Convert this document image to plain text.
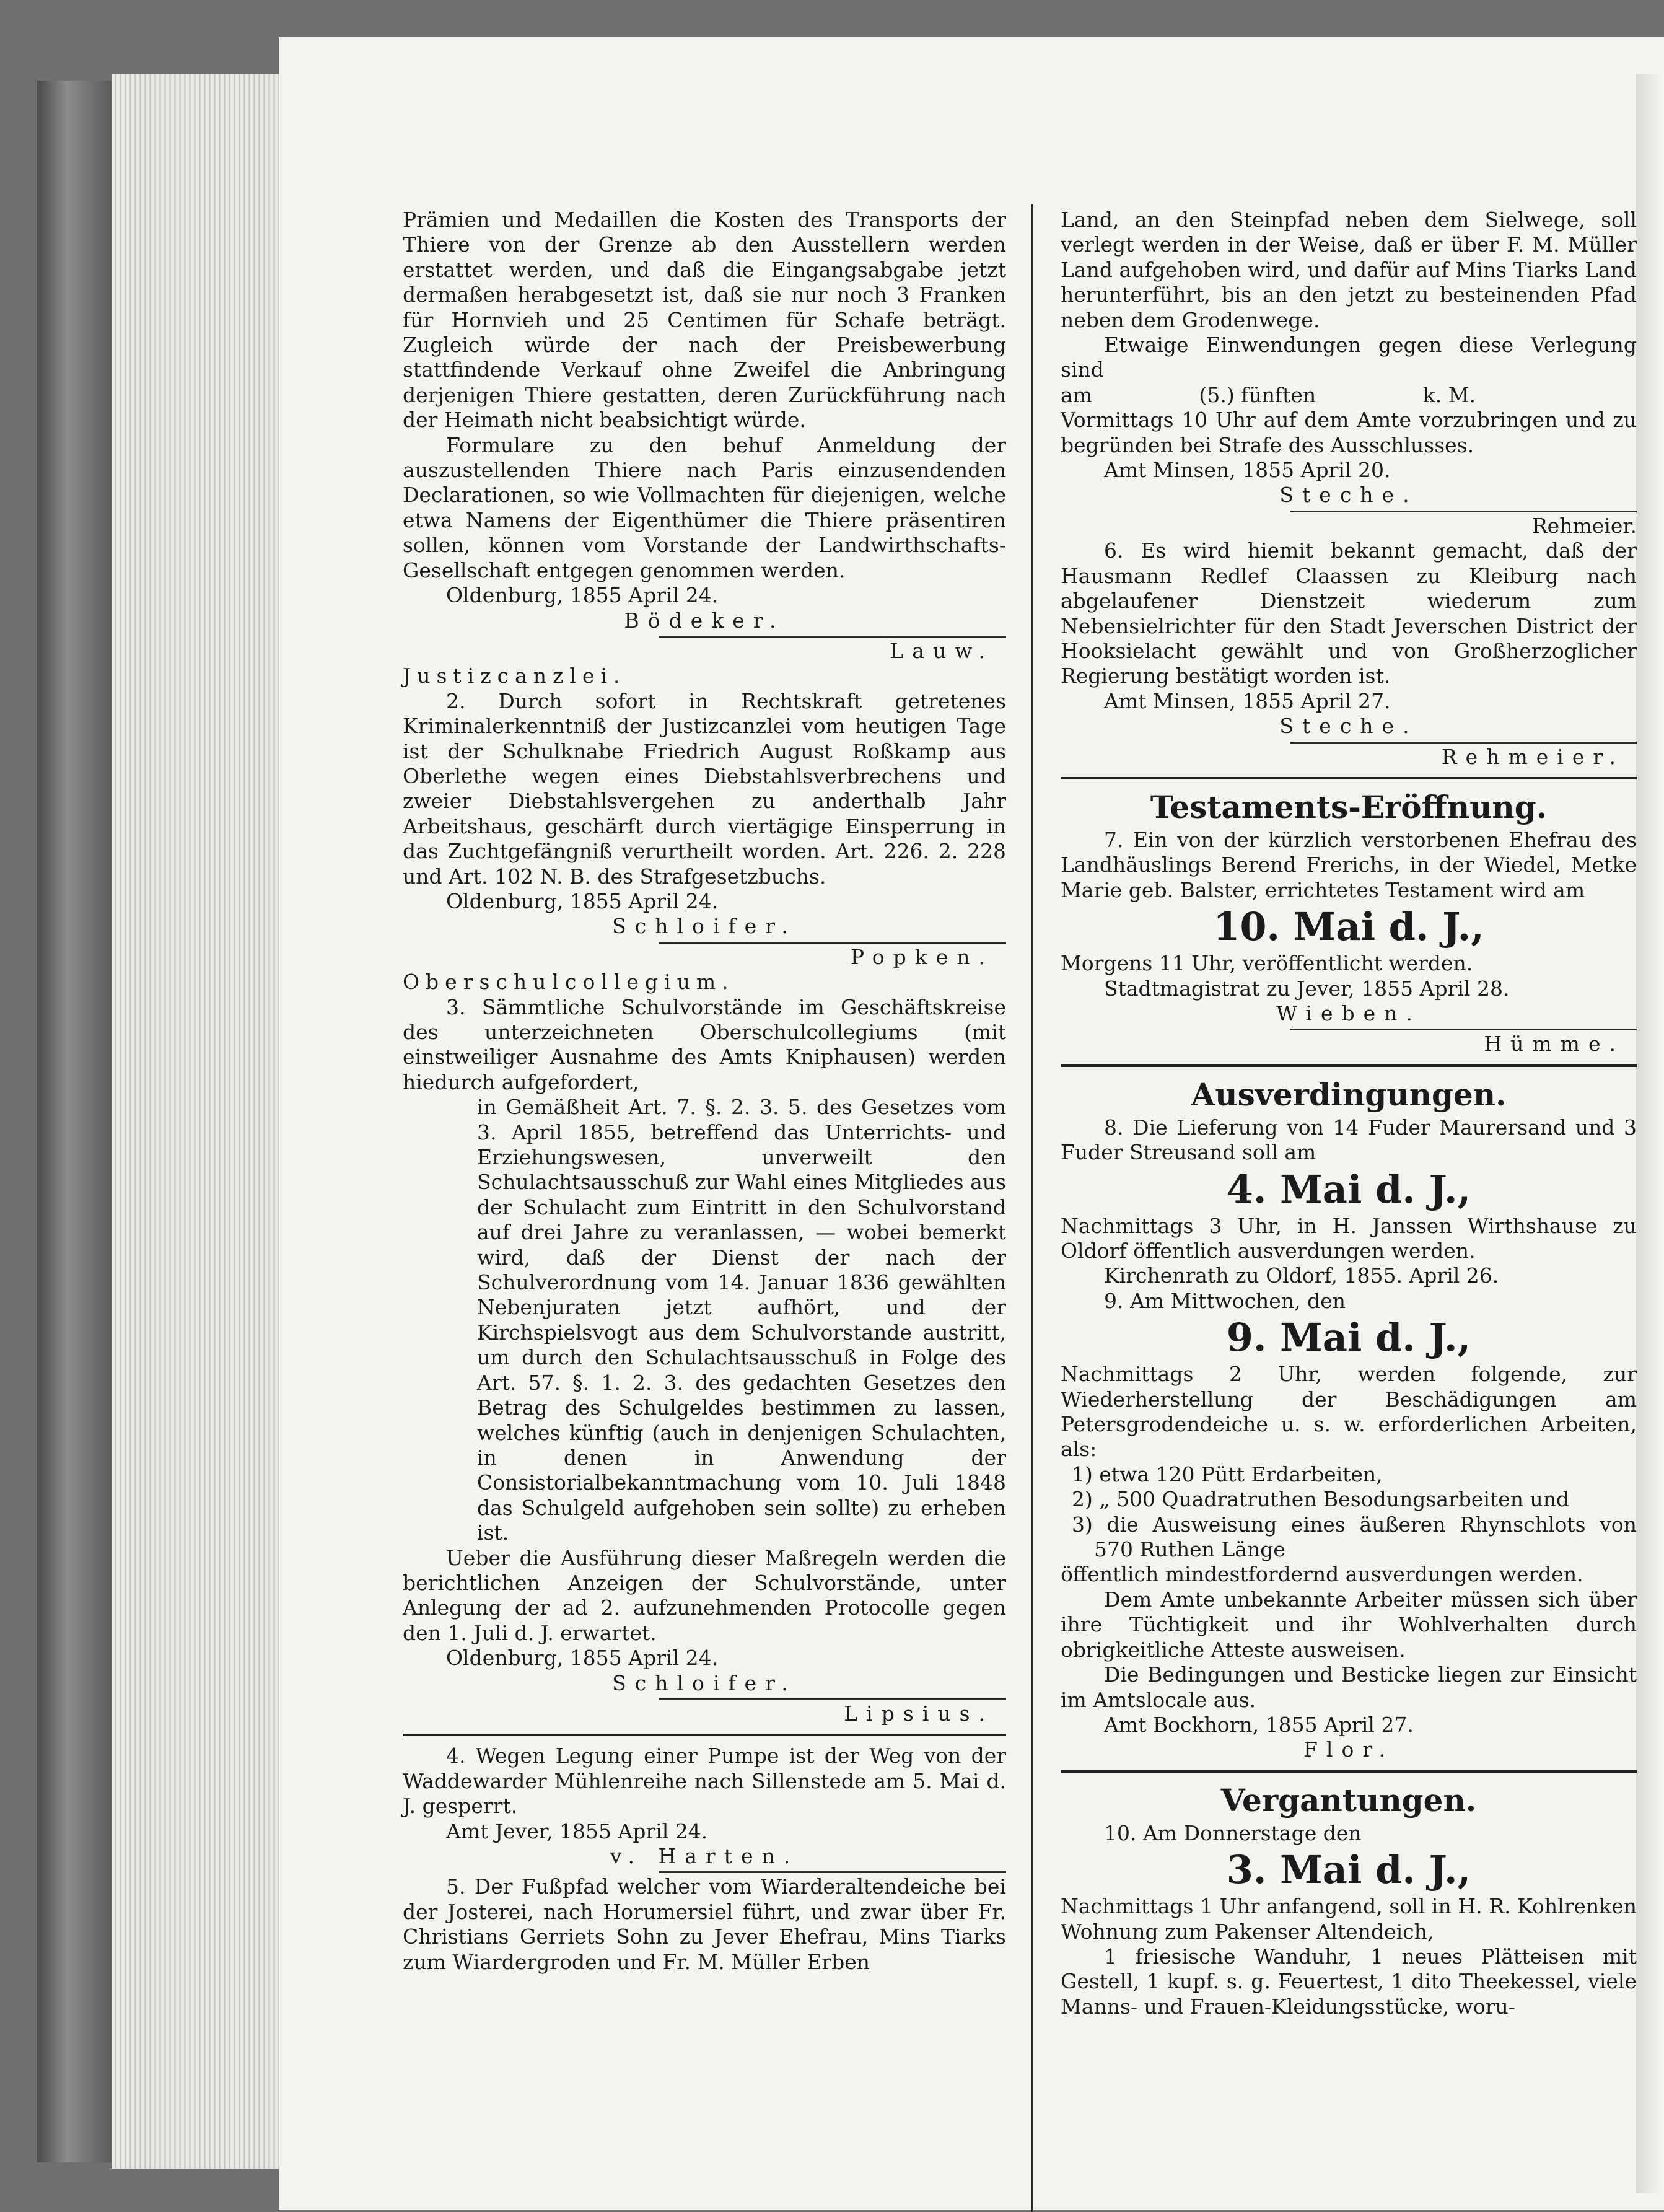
Prämien und Medaillen die Kosten des Transports der Thiere von der Grenze ab den Ausstellern werden erstattet werden, und daß die Eingangsabgabe jetzt dermaßen herabgesetzt ist, daß sie nur noch 3 Franken für Hornvieh und 25 Centimen für Schafe beträgt. Zugleich würde der nach der Preisbewerbung stattfindende Verkauf ohne Zweifel die Anbringung derjenigen Thiere gestatten, deren Zurückführung nach der Heimath nicht beabsichtigt würde.

Formulare zu den behuf Anmeldung der auszustellenden Thiere nach Paris einzusendenden Declarationen, so wie Vollmachten für diejenigen, welche etwa Namens der Eigenthümer die Thiere präsentiren sollen, können vom Vorstande der Landwirthschafts-Gesellschaft entgegen genommen werden.

Oldenburg, 1855 April 24.

Bödeker.

Lauw.

Justizcanzlei.

2. Durch sofort in Rechtskraft getretenes Kriminalerkenntniß der Justizcanzlei vom heutigen Tage ist der Schulknabe Friedrich August Roßkamp aus Oberlethe wegen eines Diebstahlsverbrechens und zweier Diebstahlsvergehen zu anderthalb Jahr Arbeitshaus, geschärft durch viertägige Einsperrung in das Zuchtgefängniß verurtheilt worden. Art. 226. 2. 228 und Art. 102 N. B. des Strafgesetzbuchs.

Oldenburg, 1855 April 24.

Schloifer.

Popken.

Oberschulcollegium.

3. Sämmtliche Schulvorstände im Geschäftskreise des unterzeichneten Oberschulcollegiums (mit einstweiliger Ausnahme des Amts Kniphausen) werden hiedurch aufgefordert,

in Gemäßheit Art. 7. §. 2. 3. 5. des Gesetzes vom 3. April 1855, betreffend das Unterrichts- und Erziehungswesen, unverweilt den Schulachtsausschuß zur Wahl eines Mitgliedes aus der Schulacht zum Eintritt in den Schulvorstand auf drei Jahre zu veranlassen, — wobei bemerkt wird, daß der Dienst der nach der Schulverordnung vom 14. Januar 1836 gewählten Nebenjuraten jetzt aufhört, und der Kirchspielsvogt aus dem Schulvorstande austritt, um durch den Schulachtsausschuß in Folge des Art. 57. §. 1. 2. 3. des gedachten Gesetzes den Betrag des Schulgeldes bestimmen zu lassen, welches künftig (auch in denjenigen Schulachten, in denen in Anwendung der Consistorialbekanntmachung vom 10. Juli 1848 das Schulgeld aufgehoben sein sollte) zu erheben ist.

Ueber die Ausführung dieser Maßregeln werden die berichtlichen Anzeigen der Schulvorstände, unter Anlegung der ad 2. aufzunehmenden Protocolle gegen den 1. Juli d. J. erwartet.

Oldenburg, 1855 April 24.

Schloifer.

Lipsius.

4. Wegen Legung einer Pumpe ist der Weg von der Waddewarder Mühlenreihe nach Sillenstede am 5. Mai d. J. gesperrt.

Amt Jever, 1855 April 24.

v. Harten.

5. Der Fußpfad welcher vom Wiarderaltendeiche bei der Josterei, nach Horumersiel führt, und zwar über Fr. Christians Gerriets Sohn zu Jever Ehefrau, Mins Tiarks zum Wiardergroden und Fr. M. Müller Erben

Land, an den Steinpfad neben dem Sielwege, soll verlegt werden in der Weise, daß er über F. M. Müller Land aufgehoben wird, und dafür auf Mins Tiarks Land herunterführt, bis an den jetzt zu besteinenden Pfad neben dem Grodenwege.

Etwaige Einwendungen gegen diese Verlegung sind

am	(5.) fünften	k. M.

Vormittags 10 Uhr auf dem Amte vorzubringen und zu begründen bei Strafe des Ausschlusses.

Amt Minsen, 1855 April 20.

Steche.

Rehmeier.

6. Es wird hiemit bekannt gemacht, daß der Hausmann Redlef Claassen zu Kleiburg nach abgelaufener Dienstzeit wiederum zum Nebensielrichter für den Stadt Jeverschen District der Hooksielacht gewählt und von Großherzoglicher Regierung bestätigt worden ist.

Amt Minsen, 1855 April 27.

Steche.

Rehmeier.

Testaments-Eröffnung.

7. Ein von der kürzlich verstorbenen Ehefrau des Landhäuslings Berend Frerichs, in der Wiedel, Metke Marie geb. Balster, errichtetes Testament wird am

10. Mai d. J.,

Morgens 11 Uhr, veröffentlicht werden.

Stadtmagistrat zu Jever, 1855 April 28.

Wieben.

Hümme.

Ausverdingungen.

8. Die Lieferung von 14 Fuder Maurersand und 3 Fuder Streusand soll am

4. Mai d. J.,

Nachmittags 3 Uhr, in H. Janssen Wirthshause zu Oldorf öffentlich ausverdungen werden.

Kirchenrath zu Oldorf, 1855. April 26.

9. Am Mittwochen, den

9. Mai d. J.,

Nachmittags 2 Uhr, werden folgende, zur Wiederherstellung der Beschädigungen am Petersgrodendeiche u. s. w. erforderlichen Arbeiten, als:

1) etwa 120 Pütt Erdarbeiten,

2) „ 500 Quadratruthen Besodungsarbeiten und

3) die Ausweisung eines äußeren Rhynschlots von 570 Ruthen Länge

öffentlich mindestfordernd ausverdungen werden.

Dem Amte unbekannte Arbeiter müssen sich über ihre Tüchtigkeit und ihr Wohlverhalten durch obrigkeitliche Atteste ausweisen.

Die Bedingungen und Besticke liegen zur Einsicht im Amtslocale aus.

Amt Bockhorn, 1855 April 27.

Flor.

Vergantungen.

10. Am Donnerstage den

3. Mai d. J.,

Nachmittags 1 Uhr anfangend, soll in H. R. Kohlrenken Wohnung zum Pakenser Altendeich,

1 friesische Wanduhr, 1 neues Plätteisen mit Gestell, 1 kupf. s. g. Feuertest, 1 dito Theekessel, viele Manns- und Frauen-Kleidungsstücke, woru-
